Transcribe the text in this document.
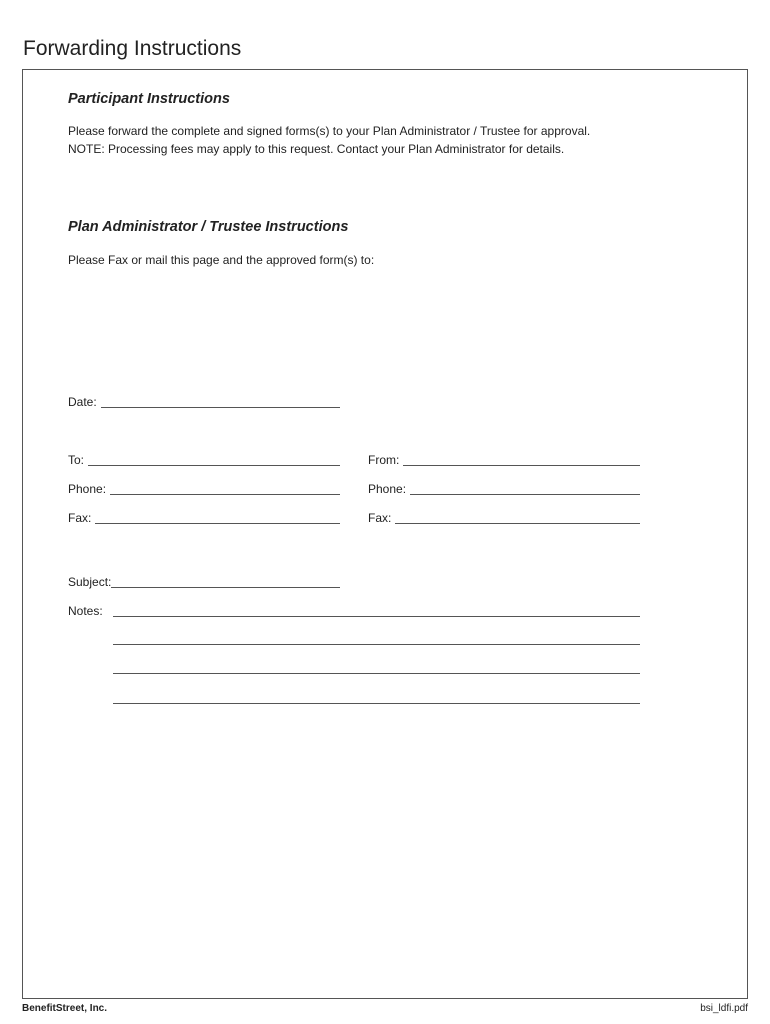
Forwarding Instructions
Participant Instructions

Please forward the complete and signed forms(s) to your Plan Administrator / Trustee for approval.

NOTE: Processing fees may apply to this request. Contact your Plan Administrator for details.

Plan Administrator / Trustee Instructions

Please Fax or mail this page and the approved form(s) to:

Date:
To:	From:
Phone:	Phone:
Fax:	Fax:
Subject:
Notes:
BenefitStreet, Inc.	bsi_ldfi.pdf
